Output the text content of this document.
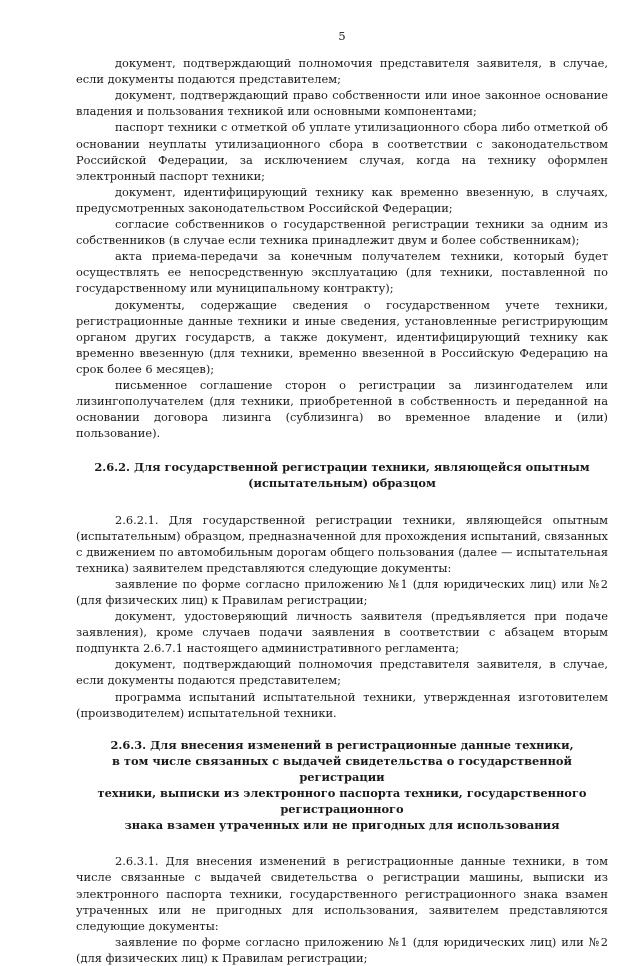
5

документ, подтверждающий полномочия представителя заявителя, в случае, если документы подаются представителем;

документ, подтверждающий право собственности или иное законное основание владения и пользования техникой или основными компонентами;

паспорт техники с отметкой об уплате утилизационного сбора либо отметкой об основании неуплаты утилизационного сбора в соответствии с законодательством Российской Федерации, за исключением случая, когда на технику оформлен электронный паспорт техники;

документ, идентифицирующий технику как временно ввезенную, в случаях, предусмотренных законодательством Российской Федерации;

согласие собственников о государственной регистрации техники за одним из собственников (в случае если техника принадлежит двум и более собственникам);

акта приема-передачи за конечным получателем техники, который будет осуществлять ее непосредственную эксплуатацию (для техники, поставленной по государственному или муниципальному контракту);

документы, содержащие сведения о государственном учете техники, регистрационные данные техники и иные сведения, установленные регистрирующим органом других государств, а также документ, идентифицирующий технику как временно ввезенную (для техники, временно ввезенной в Российскую Федерацию на срок более 6 месяцев);

письменное соглашение сторон о регистрации за лизингодателем или лизингополучателем (для техники, приобретенной в собственность и переданной на основании договора лизинга (сублизинга) во временное владение и (или) пользование).

2.6.2. Для государственной регистрации техники, являющейся опытным
(испытательным) образцом

2.6.2.1. Для государственной регистрации техники, являющейся опытным (испытательным) образцом, предназначенной для прохождения испытаний, связанных с движением по автомобильным дорогам общего пользования (далее — испытательная техника) заявителем представляются следующие документы:

заявление по форме согласно приложению №1 (для юридических лиц) или №2 (для физических лиц) к Правилам регистрации;

документ, удостоверяющий личность заявителя (предъявляется при подаче заявления), кроме случаев подачи заявления в соответствии с абзацем вторым подпункта 2.6.7.1 настоящего административного регламента;

документ, подтверждающий полномочия представителя заявителя, в случае, если документы подаются представителем;

программа испытаний испытательной техники, утвержденная изготовителем (производителем) испытательной техники.

2.6.3. Для внесения изменений в регистрационные данные техники,
в том числе связанных с выдачей свидетельства о государственной регистрации
техники, выписки из электронного паспорта техники, государственного регистрационного
знака взамен утраченных или не пригодных для использования

2.6.3.1. Для внесения изменений в регистрационные данные техники, в том числе связанные с выдачей свидетельства о регистрации машины, выписки из электронного паспорта техники, государственного регистрационного знака взамен утраченных или не пригодных для использования, заявителем представляются следующие документы:

заявление по форме согласно приложению №1 (для юридических лиц) или №2 (для физических лиц) к Правилам регистрации;
